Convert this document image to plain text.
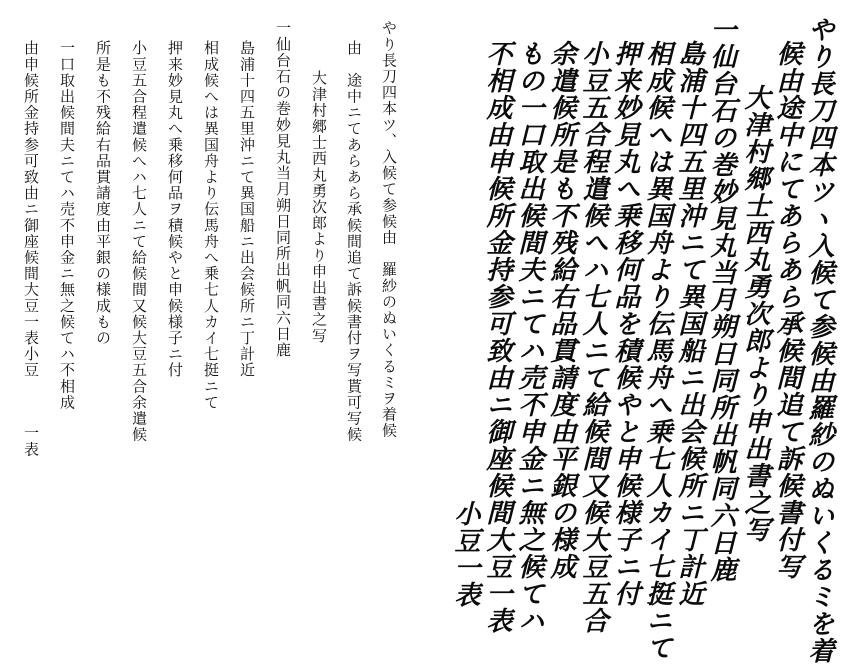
やり長刀四本ツ、入候て参候由　羅紗のぬいくるミヲ着候
由　途中ニてあらあら承候間追て訴候書付ヲ写貰可写候
大津村郷士西丸勇次郎より申出書之写
一仙台石の巻妙見丸当月朔日同所出帆同六日鹿
島浦十四五里沖ニて異国船ニ出会候所ニ丁計近
相成候へは異国舟より伝馬舟へ乗七人カイ七挺ニて
押来妙見丸へ乗移何品ヲ積候やと申候様子ニ付
小豆五合程遣候へハ七人ニて給候間又候大豆五合余遣候
所是も不残給右品貫請度由平銀の様成もの
一口取出候間夫ニてハ売不申金ニ無之候てハ不相成
由申候所金持参可致由ニ御座候間大豆一表小豆
一表	やり長刀四本ツヽ入候て参候由羅紗のぬいくるミを着
候由途中にてあらあら承候間追て訴候書付写
大津村郷士西丸勇次郎より申出書之写
一仙台石の巻妙見丸当月朔日同所出帆同六日鹿
島浦十四五里沖ニて異国船ニ出会候所ニ丁計近
相成候へは異国舟より伝馬舟へ乗七人カイ七挺ニて
押来妙見丸へ乗移何品を積候やと申候様子ニ付
小豆五合程遣候へハ七人ニて給候間又候大豆五合
余遣候所是も不残給右品貫請度由平銀の様成
もの一口取出候間夫ニてハ売不申金ニ無之候てハ
不相成由申候所金持参可致由ニ御座候間大豆一表
小豆一表
